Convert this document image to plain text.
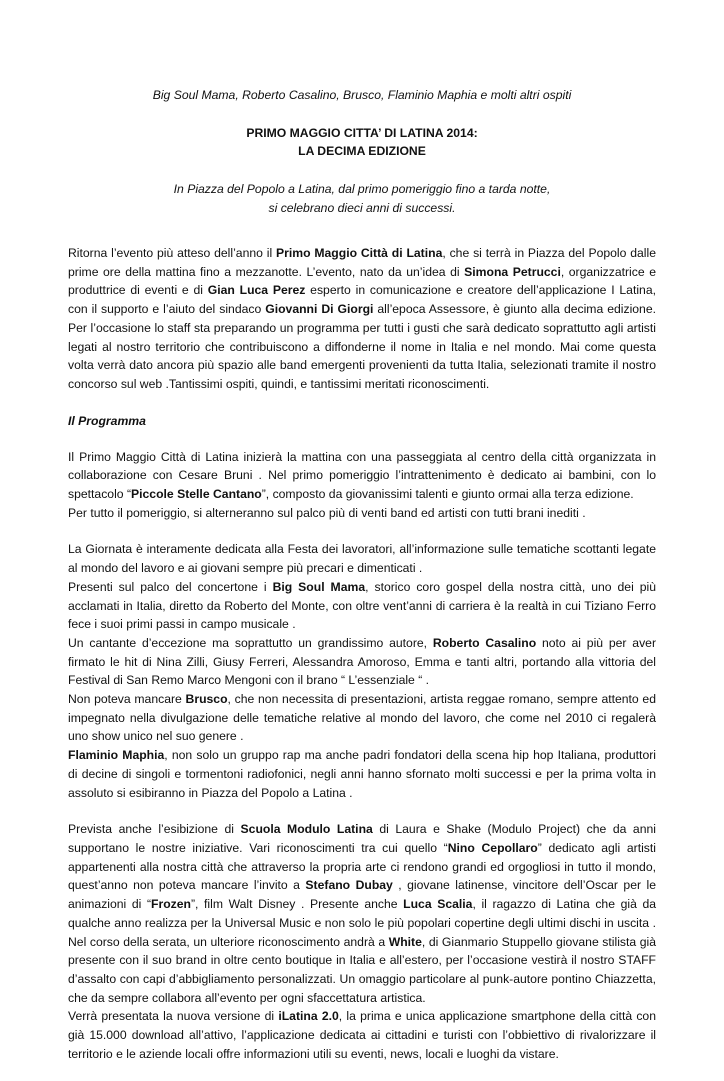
Big Soul Mama, Roberto Casalino, Brusco, Flaminio Maphia e molti altri ospiti
PRIMO MAGGIO CITTA’ DI LATINA 2014:
LA DECIMA EDIZIONE
In Piazza del Popolo a Latina, dal primo pomeriggio fino a tarda notte,
si celebrano dieci anni di successi.

Ritorna l’evento più atteso dell’anno il Primo Maggio Città di Latina, che si terrà in Piazza del Popolo dalle prime ore della mattina fino a mezzanotte. L’evento, nato da un’idea di Simona Petrucci, organizzatrice e produttrice di eventi e di Gian Luca Perez esperto in comunicazione e creatore dell’applicazione I Latina, con il supporto e l’aiuto del sindaco Giovanni Di Giorgi all’epoca Assessore, è giunto alla decima edizione. Per l’occasione lo staff sta preparando un programma per tutti i gusti che sarà dedicato soprattutto agli artisti legati al nostro territorio che contribuiscono a diffonderne il nome in Italia e nel mondo. Mai come questa volta verrà dato ancora più spazio alle band emergenti provenienti da tutta Italia, selezionati tramite il nostro concorso sul web .Tantissimi ospiti, quindi, e tantissimi meritati riconoscimenti.

Il Programma

Il Primo Maggio Città di Latina inizierà la mattina con una passeggiata al centro della città organizzata in collaborazione con Cesare Bruni . Nel primo pomeriggio l’intrattenimento è dedicato ai bambini, con lo spettacolo “Piccole Stelle Cantano”, composto da giovanissimi talenti e giunto ormai alla terza edizione.
Per tutto il pomeriggio, si alterneranno sul palco più di venti band ed artisti con tutti brani inediti .

La Giornata è interamente dedicata alla Festa dei lavoratori, all’informazione sulle tematiche scottanti legate al mondo del lavoro e ai giovani sempre più precari e dimenticati .
Presenti sul palco del concertone i Big Soul Mama, storico coro gospel della nostra città, uno dei più acclamati in Italia, diretto da Roberto del Monte, con oltre vent’anni di carriera è la realtà in cui Tiziano Ferro fece i suoi primi passi in campo musicale .
Un cantante d’eccezione ma soprattutto un grandissimo autore, Roberto Casalino noto ai più per aver firmato le hit di Nina Zilli, Giusy Ferreri, Alessandra Amoroso, Emma e tanti altri, portando alla vittoria del Festival di San Remo Marco Mengoni con il brano “ L’essenziale “ .
Non poteva mancare Brusco, che non necessita di presentazioni, artista reggae romano, sempre attento ed impegnato nella divulgazione delle tematiche relative al mondo del lavoro, che come nel 2010 ci regalerà uno show unico nel suo genere .
Flaminio Maphia, non solo un gruppo rap ma anche padri fondatori della scena hip hop Italiana, produttori di decine di singoli e tormentoni radiofonici, negli anni hanno sfornato molti successi e per la prima volta in assoluto si esibiranno in Piazza del Popolo a Latina .

Prevista anche l’esibizione di Scuola Modulo Latina di Laura e Shake (Modulo Project) che da anni supportano le nostre iniziative. Vari riconoscimenti tra cui quello “Nino Cepollaro” dedicato agli artisti appartenenti alla nostra città che attraverso la propria arte ci rendono grandi ed orgogliosi in tutto il mondo, quest’anno non poteva mancare l’invito a Stefano Dubay , giovane latinense, vincitore dell’Oscar per le animazioni di “Frozen”, film Walt Disney . Presente anche Luca Scalia, il ragazzo di Latina che già da qualche anno realizza per la Universal Music e non solo le più popolari copertine degli ultimi dischi in uscita . Nel corso della serata, un ulteriore riconoscimento andrà a White, di Gianmario Stuppello giovane stilista già presente con il suo brand in oltre cento boutique in Italia e all’estero, per l’occasione vestirà il nostro STAFF d’assalto con capi d’abbigliamento personalizzati. Un omaggio particolare al punk-autore pontino Chiazzetta, che da sempre collabora all’evento per ogni sfaccettatura artistica.
Verrà presentata la nuova versione di iLatina 2.0, la prima e unica applicazione smartphone della città con già 15.000 download all’attivo, l’applicazione dedicata ai cittadini e turisti con l’obbiettivo di rivalorizzare il territorio e le aziende locali offre informazioni utili su eventi, news, locali e luoghi da vistare.
